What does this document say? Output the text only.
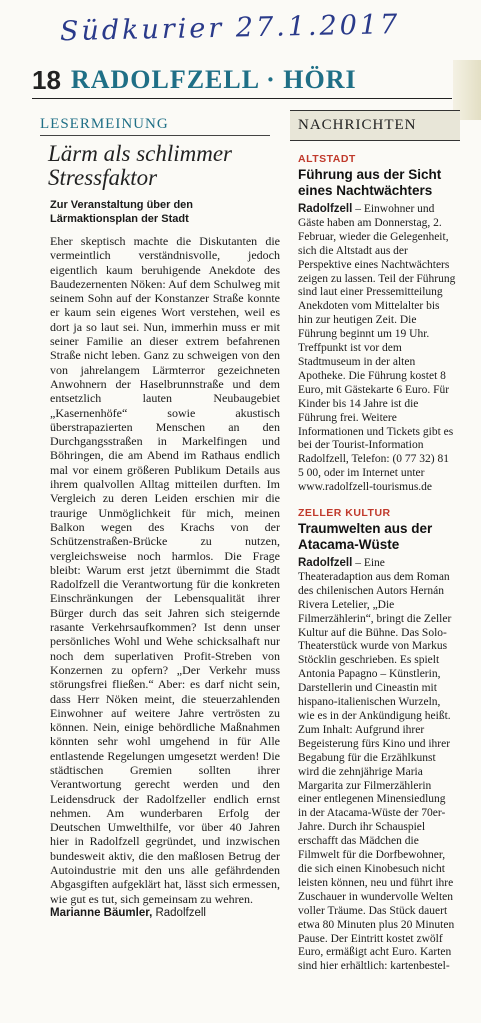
Südkurier 27.1.2017
18 RADOLFZELL · HÖRI
LESERMEINUNG
Lärm als schlimmer Stressfaktor
Zur Veranstaltung über den Lärmaktionsplan der Stadt

Eher skeptisch machte die Diskutanten die vermeintlich verständnisvolle, jedoch eigentlich kaum beruhigende Anekdote des Baudezernenten Nöken: Auf dem Schulweg mit seinem Sohn auf der Konstanzer Straße konnte er kaum sein eigenes Wort verstehen, weil es dort ja so laut sei. Nun, immerhin muss er mit seiner Familie an dieser extrem befahrenen Straße nicht leben. Ganz zu schweigen von den von jahrelangem Lärmterror gezeichneten Anwohnern der Haselbrunnstraße und dem entsetzlich lauten Neubaugebiet „Kasernenhöfe“ sowie akustisch überstrapazierten Menschen an den Durchgangsstraßen in Markelfingen und Böhringen, die am Abend im Rathaus endlich mal vor einem größeren Publikum Details aus ihrem qualvollen Alltag mitteilen durften. Im Vergleich zu deren Leiden erschien mir die traurige Unmöglichkeit für mich, meinen Balkon wegen des Krachs von der Schützenstraßen-Brücke zu nutzen, vergleichsweise noch harmlos. Die Frage bleibt: Warum erst jetzt übernimmt die Stadt Radolfzell die Verantwortung für die konkreten Einschränkungen der Lebensqualität ihrer Bürger durch das seit Jahren sich steigernde rasante Verkehrsaufkommen? Ist denn unser persönliches Wohl und Wehe schicksalhaft nur noch dem superlativen Profit-Streben von Konzernen zu opfern? „Der Verkehr muss störungsfrei fließen.“ Aber: es darf nicht sein, dass Herr Nöken meint, die steuerzahlenden Einwohner auf weitere Jahre vertrösten zu können. Nein, einige behördliche Maßnahmen könnten sehr wohl umgehend in für Alle entlastende Regelungen umgesetzt werden! Die städtischen Gremien sollten ihrer Verantwortung gerecht werden und den Leidensdruck der Radolfzeller endlich ernst nehmen. Am wunderbaren Erfolg der Deutschen Umwelthilfe, vor über 40 Jahren hier in Radolfzell gegründet, und inzwischen bundesweit aktiv, die den maßlosen Betrug der Autoindustrie mit den uns alle gefährdenden Abgasgiften aufgeklärt hat, lässt sich ermessen, wie gut es tut, sich gemeinsam zu wehren.

Marianne Bäumler, Radolfzell
NACHRICHTEN
ALTSTADT
Führung aus der Sicht eines Nachtwächters
Radolfzell – Einwohner und Gäste haben am Donnerstag, 2. Februar, wieder die Gelegenheit, sich die Altstadt aus der Perspektive eines Nachtwächters zeigen zu lassen. Teil der Führung sind laut einer Pressemitteilung Anekdoten vom Mittelalter bis hin zur heutigen Zeit. Die Führung beginnt um 19 Uhr. Treffpunkt ist vor dem Stadtmuseum in der alten Apotheke. Die Führung kostet 8 Euro, mit Gästekarte 6 Euro. Für Kinder bis 14 Jahre ist die Führung frei. Weitere Informationen und Tickets gibt es bei der Tourist-Information Radolfzell, Telefon: (0 77 32) 81 5 00, oder im Internet unter www.radolfzell-tourismus.de
ZELLER KULTUR
Traumwelten aus der Atacama-Wüste
Radolfzell – Eine Theateradaption aus dem Roman des chilenischen Autors Hernán Rivera Letelier, „Die Filmerzählerin“, bringt die Zeller Kultur auf die Bühne. Das Solo-Theaterstück wurde von Markus Stöcklin geschrieben. Es spielt Antonia Papagno – Künstlerin, Darstellerin und Cineastin mit hispano-italienischen Wurzeln, wie es in der Ankündigung heißt. Zum Inhalt: Aufgrund ihrer Begeisterung fürs Kino und ihrer Begabung für die Erzählkunst wird die zehnjährige Maria Margarita zur Filmerzählerin einer entlegenen Minensiedlung in der Atacama-Wüste der 70er-Jahre. Durch ihr Schauspiel erschafft das Mädchen die Filmwelt für die Dorfbewohner, die sich einen Kinobesuch nicht leisten können, neu und führt ihre Zuschauer in wundervolle Welten voller Träume. Das Stück dauert etwa 80 Minuten plus 20 Minuten Pause. Der Eintritt kostet zwölf Euro, ermäßigt acht Euro. Karten sind hier erhältlich: kartenbestel-
